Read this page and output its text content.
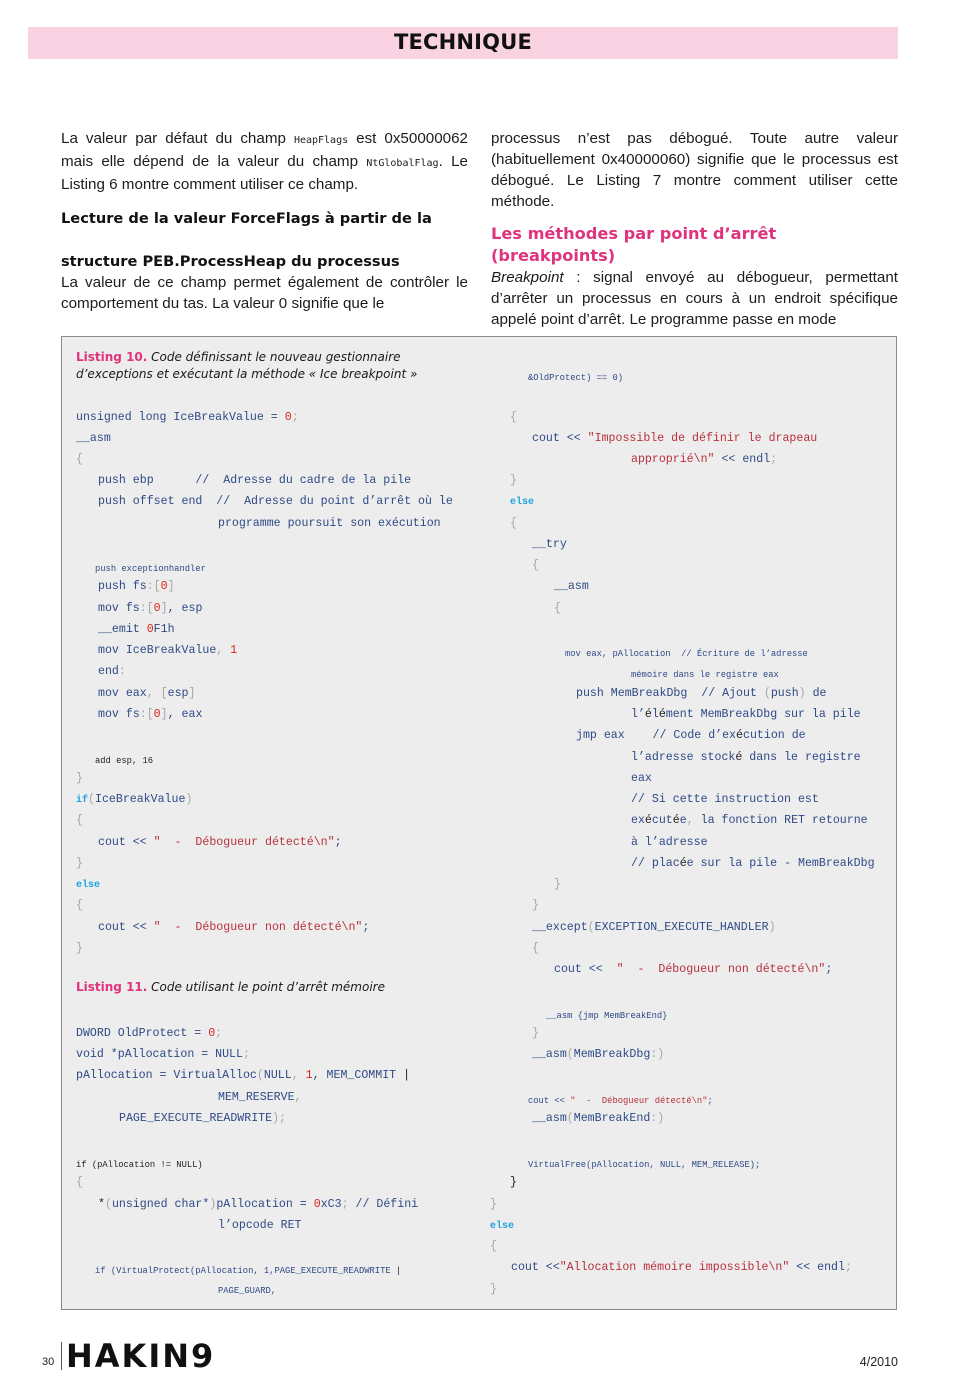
TECHNIQUE

La valeur par défaut du champ HeapFlags est 0x50000062 mais elle dépend de la valeur du champ NtGlobalFlag. Le Listing 6 montre comment utiliser ce champ.

Lecture de la valeur ForceFlags à partir de la

structure PEB.ProcessHeap du processus

La valeur de ce champ permet également de contrôler le comportement du tas. La valeur 0 signifie que le

processus n’est pas débogué. Toute autre valeur (habituellement 0x40000060) signifie que le processus est débogué. Le Listing 7 montre comment utiliser cette méthode.

Les méthodes par point d’arrêt (breakpoints)

Breakpoint : signal envoyé au débogueur, permettant d’arrêter un processus en cours à un endroit spécifique appelé point d’arrêt. Le programme passe en mode

Listing 10. Code définissant le nouveau gestionnaire
d’exceptions et exécutant la méthode « Ice breakpoint »
Listing 11. Code utilisant le point d’arrêt mémoire
unsigned long IceBreakValue = 0;
__asm
{
push ebp      //  Adresse du cadre de la pile
push offset end  //  Adresse du point d’arrêt où le
programme poursuit son exécution
push exceptionhandler
push fs:[0]
mov fs:[0], esp
__emit 0F1h
mov IceBreakValue, 1
end:
mov eax, [esp]
mov fs:[0], eax
add esp, 16
}
if(IceBreakValue)
{
cout << "  -  Débogueur détecté\n";
}
else
{
cout << "  -  Débogueur non détecté\n";
}
DWORD OldProtect = 0;
void *pAllocation = NULL;
pAllocation = VirtualAlloc(NULL, 1, MEM_COMMIT |
MEM_RESERVE,
PAGE_EXECUTE_READWRITE);
if (pAllocation != NULL)
{
*(unsigned char*)pAllocation = 0xC3; // Défini
l’opcode RET
if (VirtualProtect(pAllocation, 1,PAGE_EXECUTE_READWRITE |
PAGE_GUARD,
&OldProtect) == 0)
{
cout << "Impossible de définir le drapeau
approprié\n" << endl;
}
else
{
__try
{
__asm
{
mov eax, pAllocation  // Écriture de l’adresse
mémoire dans le registre eax
push MemBreakDbg  // Ajout (push) de
l’élément MemBreakDbg sur la pile
jmp eax    // Code d’exécution de
l’adresse stocké dans le registre
eax
// Si cette instruction est
exécutée, la fonction RET retourne
à l’adresse
// placée sur la pile - MemBreakDbg
}
}
__except(EXCEPTION_EXECUTE_HANDLER)
{
cout <<  "  -  Débogueur non détecté\n";
__asm {jmp MemBreakEnd}
}
__asm(MemBreakDbg:)
cout << "  -  Débogueur détecté\n";
__asm(MemBreakEnd:)
VirtualFree(pAllocation, NULL, MEM_RELEASE);
}
}
else
{
cout <<"Allocation mémoire impossible\n" << endl;
}
30 HAKIN9	4/2010
